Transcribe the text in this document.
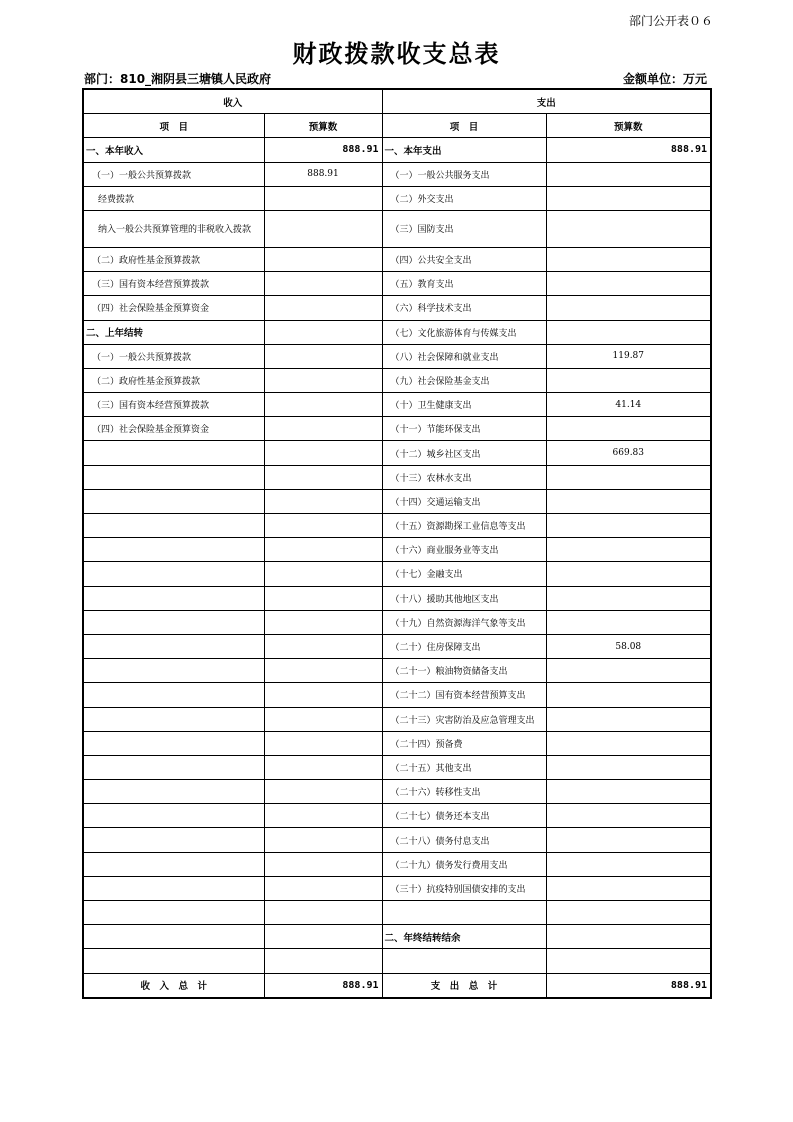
部门公开表０６
财政拨款收支总表
部门：810_湘阴县三塘镇人民政府	金额单位：万元
收入		支出	
项　目	预算数	项　目	预算数
一、本年收入	888.91	一、本年支出	888.91
（一）一般公共预算拨款	888.91	（一）一般公共服务支出	
经费拨款		（二）外交支出	
纳入一般公共预算管理的非税收入拨款		（三）国防支出	
（二）政府性基金预算拨款		（四）公共安全支出	
（三）国有资本经营预算拨款		（五）教育支出	
（四）社会保险基金预算资金		（六）科学技术支出	
二、上年结转		（七）文化旅游体育与传媒支出	
（一）一般公共预算拨款		（八）社会保障和就业支出	119.87
（二）政府性基金预算拨款		（九）社会保险基金支出	
（三）国有资本经营预算拨款		（十）卫生健康支出	41.14
（四）社会保险基金预算资金		（十一）节能环保支出	
		（十二）城乡社区支出	669.83
		（十三）农林水支出	
		（十四）交通运输支出	
		（十五）资源勘探工业信息等支出	
		（十六）商业服务业等支出	
		（十七）金融支出	
		（十八）援助其他地区支出	
		（十九）自然资源海洋气象等支出	
		（二十）住房保障支出	58.08
		（二十一）粮油物资储备支出	
		（二十二）国有资本经营预算支出	
		（二十三）灾害防治及应急管理支出	
		（二十四）预备费	
		（二十五）其他支出	
		（二十六）转移性支出	
		（二十七）债务还本支出	
		（二十八）债务付息支出	
		（二十九）债务发行费用支出	
		（三十）抗疫特别国债安排的支出	

		二、年终结转结余	

收　入　总　计	888.91	支　出　总　计	888.91
